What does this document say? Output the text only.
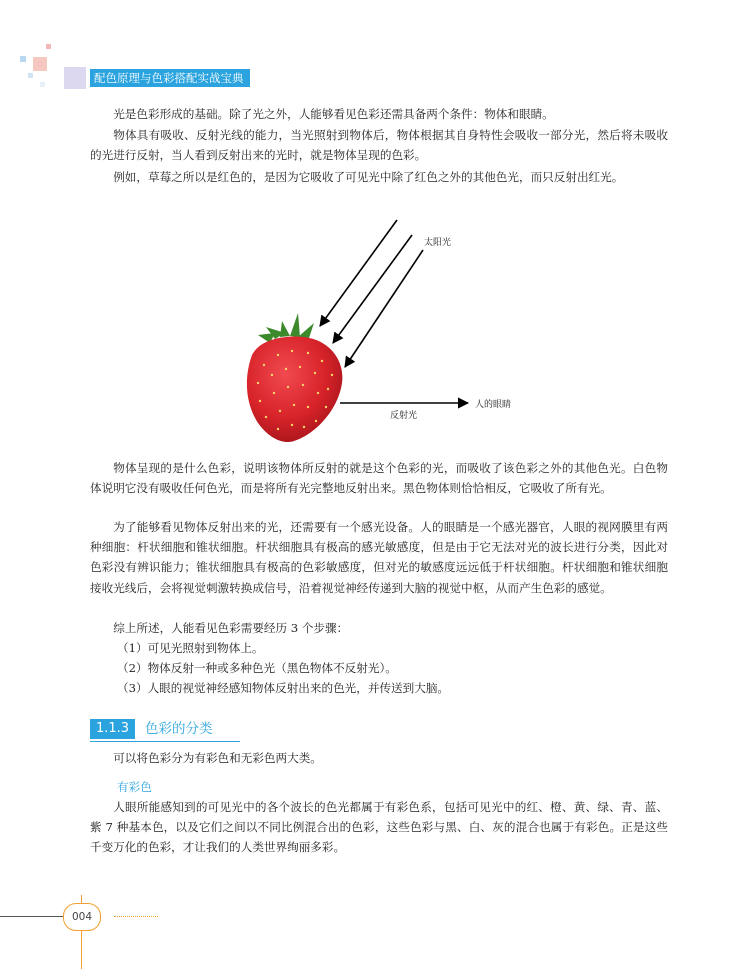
配色原理与色彩搭配实战宝典

光是色彩形成的基础。除了光之外，人能够看见色彩还需具备两个条件：物体和眼睛。

物体具有吸收、反射光线的能力，当光照射到物体后，物体根据其自身特性会吸收一部分光，然后将未吸收的光进行反射，当人看到反射出来的光时，就是物体呈现的色彩。

例如，草莓之所以是红色的，是因为它吸收了可见光中除了红色之外的其他色光，而只反射出红光。

太阳光
反射光
人的眼睛

物体呈现的是什么色彩，说明该物体所反射的就是这个色彩的光，而吸收了该色彩之外的其他色光。白色物体说明它没有吸收任何色光，而是将所有光完整地反射出来。黑色物体则恰恰相反，它吸收了所有光。

为了能够看见物体反射出来的光，还需要有一个感光设备。人的眼睛是一个感光器官，人眼的视网膜里有两种细胞：杆状细胞和锥状细胞。杆状细胞具有极高的感光敏感度，但是由于它无法对光的波长进行分类，因此对色彩没有辨识能力；锥状细胞具有极高的色彩敏感度，但对光的敏感度远远低于杆状细胞。杆状细胞和锥状细胞接收光线后，会将视觉刺激转换成信号，沿着视觉神经传递到大脑的视觉中枢，从而产生色彩的感觉。

综上所述，人能看见色彩需要经历 3 个步骤：

（1）可见光照射到物体上。

（2）物体反射一种或多种色光（黑色物体不反射光）。

（3）人眼的视觉神经感知物体反射出来的色光，并传送到大脑。

1.1.3	色彩的分类

可以将色彩分为有彩色和无彩色两大类。

有彩色

人眼所能感知到的可见光中的各个波长的色光都属于有彩色系，包括可见光中的红、橙、黄、绿、青、蓝、紫 7 种基本色，以及它们之间以不同比例混合出的色彩，这些色彩与黑、白、灰的混合也属于有彩色。正是这些千变万化的色彩，才让我们的人类世界绚丽多彩。

004
